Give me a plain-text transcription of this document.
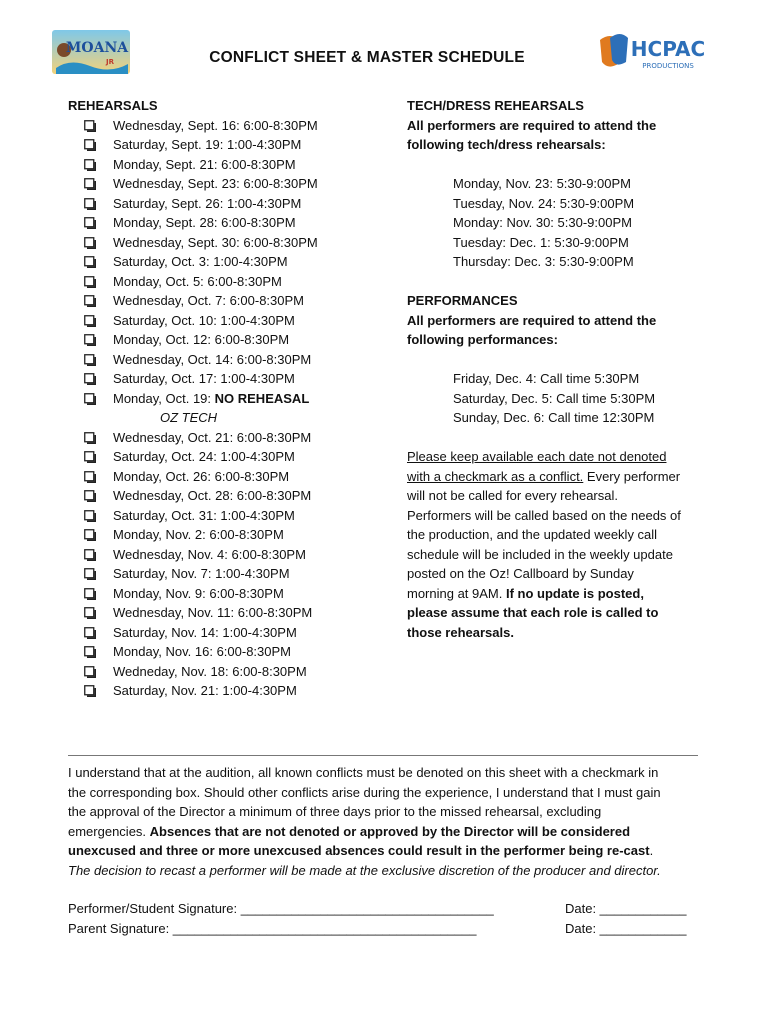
MOANA
JR
HCPAC
PRODUCTIONS
CONFLICT SHEET & MASTER SCHEDULE
REHEARSALS
Wednesday, Sept. 16: 6:00-8:30PM
Saturday, Sept. 19: 1:00-4:30PM
Monday, Sept. 21: 6:00-8:30PM
Wednesday, Sept. 23: 6:00-8:30PM
Saturday, Sept. 26: 1:00-4:30PM
Monday, Sept. 28: 6:00-8:30PM
Wednesday, Sept. 30: 6:00-8:30PM
Saturday, Oct. 3: 1:00-4:30PM
Monday, Oct. 5: 6:00-8:30PM
Wednesday, Oct. 7: 6:00-8:30PM
Saturday, Oct. 10: 1:00-4:30PM
Monday, Oct. 12: 6:00-8:30PM
Wednesday, Oct. 14: 6:00-8:30PM
Saturday, Oct. 17: 1:00-4:30PM
Monday, Oct. 19: NO REHEASAL
OZ TECH
Wednesday, Oct. 21: 6:00-8:30PM
Saturday, Oct. 24: 1:00-4:30PM
Monday, Oct. 26: 6:00-8:30PM
Wednesday, Oct. 28: 6:00-8:30PM
Saturday, Oct. 31: 1:00-4:30PM
Monday, Nov. 2: 6:00-8:30PM
Wednesday, Nov. 4: 6:00-8:30PM
Saturday, Nov. 7: 1:00-4:30PM
Monday, Nov. 9: 6:00-8:30PM
Wednesday, Nov. 11: 6:00-8:30PM
Saturday, Nov. 14: 1:00-4:30PM
Monday, Nov. 16: 6:00-8:30PM
Wedneday, Nov. 18: 6:00-8:30PM
Saturday, Nov. 21: 1:00-4:30PM
TECH/DRESS REHEARSALS
All performers are required to attend the
following tech/dress rehearsals:
Monday, Nov. 23: 5:30-9:00PM
Tuesday, Nov. 24: 5:30-9:00PM
Monday: Nov. 30: 5:30-9:00PM
Tuesday: Dec. 1: 5:30-9:00PM
Thursday: Dec. 3: 5:30-9:00PM
PERFORMANCES
All performers are required to attend the
following performances:
Friday, Dec. 4: Call time 5:30PM
Saturday, Dec. 5: Call time 5:30PM
Sunday, Dec. 6: Call time 12:30PM
Please keep available each date not denoted
with a checkmark as a conflict. Every performer
will not be called for every rehearsal.
Performers will be called based on the needs of
the production, and the updated weekly call
schedule will be included in the weekly update
posted on the Oz! Callboard by Sunday
morning at 9AM. If no update is posted,
please assume that each role is called to
those rehearsals.
I understand that at the audition, all known conflicts must be denoted on this sheet with a checkmark in
the corresponding box. Should other conflicts arise during the experience, I understand that I must gain
the approval of the Director a minimum of three days prior to the missed rehearsal, excluding
emergencies. Absences that are not denoted or approved by the Director will be considered
unexcused and three or more unexcused absences could result in the performer being re-cast.
The decision to recast a performer will be made at the exclusive discretion of the producer and director.
Performer/Student Signature: ___________________________________	Date: ____________
Parent Signature: __________________________________________	Date: ____________
